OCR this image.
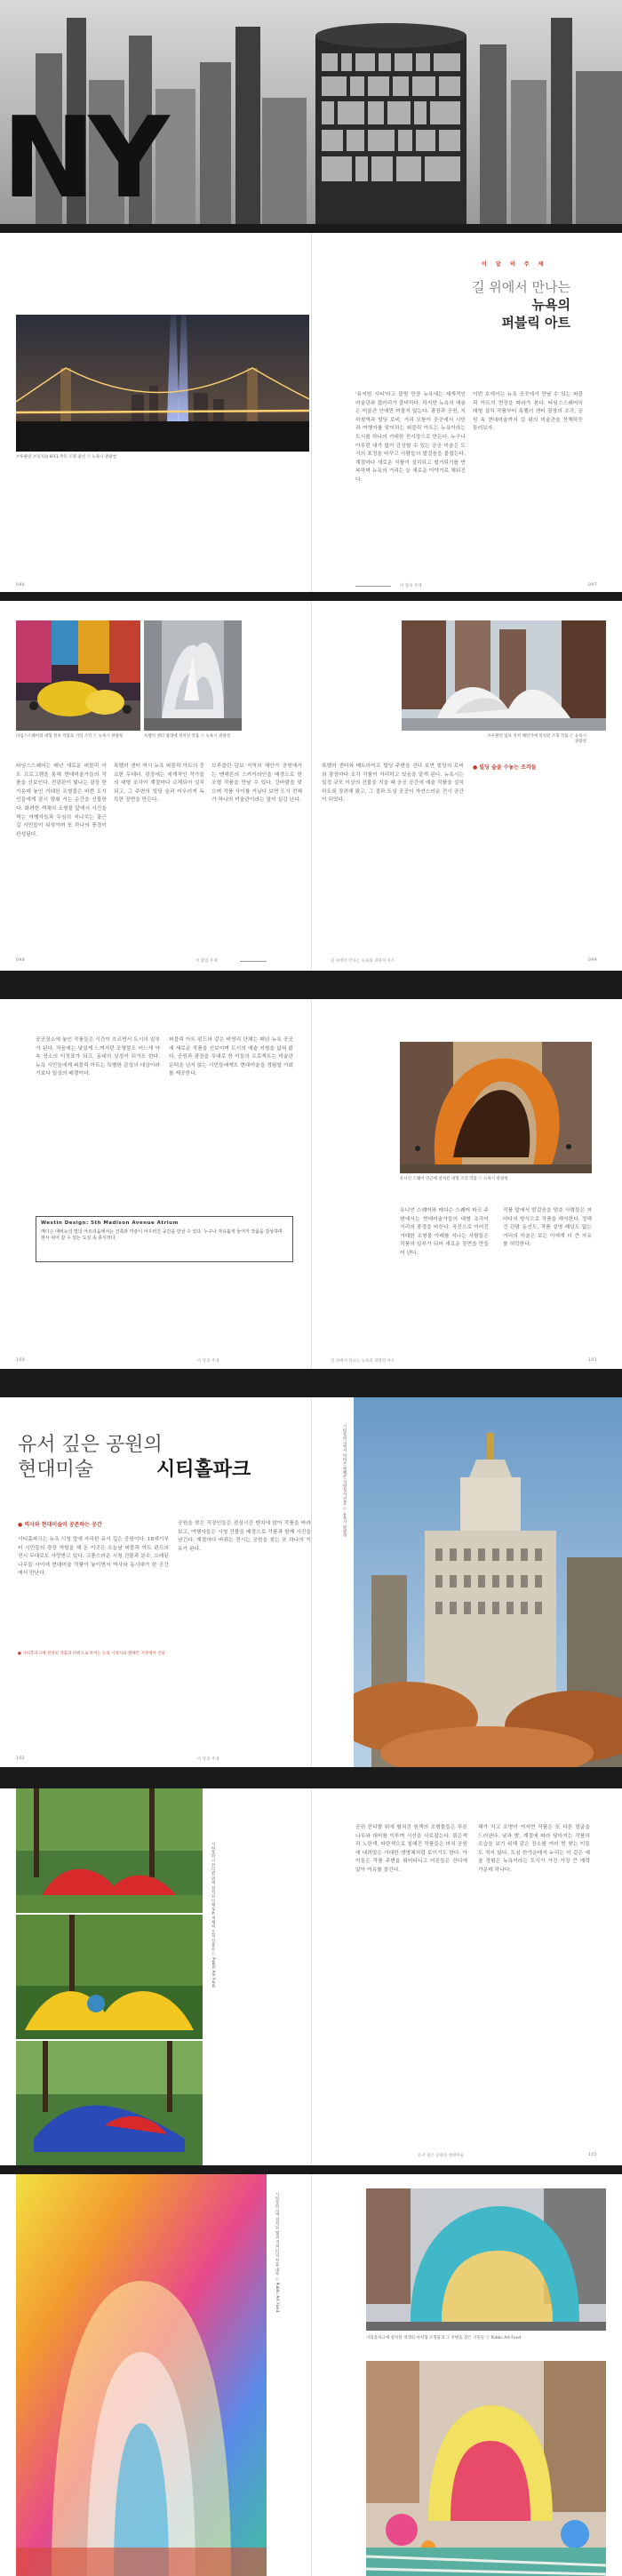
NY
브루클린 브리지와 9/11 추모 조명 광선 ⓒ 뉴욕시 관광청
이 달 의 주 제
길 위에서 만나는
뉴욕의
퍼블릭 아트
'뮤지엄 시티'라고 불릴 만큼 뉴욕에는 세계적인 미술관과 갤러리가 즐비하다. 하지만 뉴욕의 예술은 미술관 안에만 머물지 않는다. 광장과 공원, 지하철역과 빌딩 로비, 거리 모퉁이 곳곳에서 시민과 여행자를 맞이하는 퍼블릭 아트는 뉴욕이라는 도시를 하나의 거대한 전시장으로 만든다. 누구나 아무런 대가 없이 감상할 수 있는 공공 미술은 도시의 표정을 바꾸고 사람들의 발걸음을 붙잡는다. 계절마다 새로운 작품이 설치되고 철거되기를 반복하며 뉴욕의 거리는 늘 새로운 이야기로 채워진다.
이번 호에서는 뉴욕 곳곳에서 만날 수 있는 퍼블릭 아트의 현장을 따라가 본다. 타임스스퀘어의 대형 설치 작품부터 록펠러 센터 광장의 조각, 공원 속 현대미술까지 길 위의 미술관을 산책하듯 둘러보자.
096	이 달의 주제	097
타임스스퀘어의 대형 설치 작품과 거리 조각 ⓒ 뉴욕시 관광청	록펠러 센터 광장에 설치된 작품 ⓒ 뉴욕시 관광청	브루클린 덤보 지역 해안가에 설치된 조형 작품 ⓒ 뉴욕시 관광청
타임스스퀘어는 매년 새로운 퍼블릭 아트 프로그램을 통해 현대미술가들의 작품을 선보인다. 전광판이 빛나는 광장 한가운데 놓인 거대한 조형물은 바쁜 도시인들에게 잠시 멈춰 서는 순간을 선물한다. 화려한 색채의 조형물 앞에서 사진을 찍는 여행자들과 무심히 지나치는 출근길 시민들이 뒤섞이며 또 하나의 풍경이 완성된다.
록펠러 센터 역시 뉴욕 퍼블릭 아트의 중요한 무대다. 광장에는 세계적인 작가들의 대형 조각이 계절마다 교체되어 설치되고, 그 주변의 빌딩 숲과 어우러져 독특한 장면을 만든다.
브루클린 덤보 지역의 해안가 공원에서는 맨해튼의 스카이라인을 배경으로 한 조형 작품을 만날 수 있다. 강바람을 맞으며 작품 사이를 거닐다 보면 도시 전체가 하나의 미술관이라는 말이 실감 난다.
록펠러 센터와 메트라이프 빌딩 주변을 걷다 보면 빌딩의 로비와 광장마다 조각 작품이 자리하고 있음을 알게 된다. 뉴욕시는 일정 규모 이상의 건물을 지을 때 공공 공간에 예술 작품을 설치하도록 장려해 왔고, 그 결과 도심 곳곳이 자연스러운 전시 공간이 되었다.
● 빌딩 숲을 수놓는 조각들
098	이 달의 주제	길 위에서 만나는 뉴욕의 퍼블릭 아트	099
공공장소에 놓인 작품들은 시간이 흐르면서 도시의 일부가 된다. 처음에는 낯설게 느껴지던 조형물도 어느새 약속 장소의 이정표가 되고, 동네의 상징이 되기도 한다. 뉴욕 시민들에게 퍼블릭 아트는 특별한 감상의 대상이라기보다 일상의 배경이다.
퍼블릭 아트 펀드와 같은 비영리 단체는 매년 뉴욕 곳곳에 새로운 작품을 선보이며 도시의 예술 지형을 넓혀 왔다. 공원과 광장을 무대로 한 이들의 프로젝트는 미술관 문턱을 넘지 않는 시민들에게도 현대미술을 경험할 기회를 제공한다.
Westin Design: 5th Madison Avenue Atrium
매디슨 애비뉴의 빌딩 아트리움에서는 건축과 미술이 어우러진 공간을 만날 수 있다. 누구나 자유롭게 들어가 작품을 감상하며 잠시 쉬어 갈 수 있는 도심 속 휴식처다.
유니언 스퀘어 인근에 설치된 대형 조각 작품 ⓒ 뉴욕시 관광청
유니언 스퀘어와 매디슨 스퀘어 파크 주변에서는 현대미술가들의 대형 조각이 거리의 풍경을 바꾼다. 곡선으로 이어진 거대한 조형물 아래를 지나는 사람들은 작품의 일부가 되어 새로운 장면을 만들어 낸다.
작품 앞에서 발걸음을 멈춘 사람들은 저마다의 방식으로 작품을 해석한다. 정해진 관람 동선도, 작품 설명 패널도 없는 거리의 미술은 보는 이에게 더 큰 자유를 허락한다.
100	이 달의 주제	길 위에서 만나는 뉴욕의 퍼블릭 아트	101
유서 깊은 공원의
현대미술	시티홀파크
● 역사와 현대미술이 공존하는 공간
시티홀파크는 뉴욕 시청 앞에 자리한 유서 깊은 공원이다. 18세기부터 시민들의 광장 역할을 해 온 이곳은 오늘날 퍼블릭 아트 펀드의 전시 무대로도 사랑받고 있다. 고풍스러운 시청 건물과 분수, 오래된 나무들 사이에 현대미술 작품이 놓이면서 역사와 동시대가 한 공간에서 만난다.
공원을 찾은 직장인들은 점심시간 벤치에 앉아 작품을 바라보고, 여행자들은 시청 건물을 배경으로 작품과 함께 사진을 남긴다. 계절마다 바뀌는 전시는 공원을 찾는 또 하나의 이유가 된다.
● 시티홀파크에 설치된 작품과 뒤편으로 보이는 뉴욕 시청사와 맨해튼 지방청사 건물
시티홀파크에서 바라본 맨해튼 지방청사 건물 ⓒ 뉴욕시 관광청
102	이 달의 주제
시티홀파크 잔디밭 위에 설치된 다채로운 색채의 조형 작품들 ⓒ Public Art Fund
공원 잔디밭 위에 펼쳐진 원색의 조형물들은 푸른 나무와 대비를 이루며 시선을 사로잡는다. 붉은색과 노란색, 파란색으로 칠해진 작품들은 마치 공원에 내려앉은 거대한 생명체처럼 보이기도 한다. 아이들은 작품 주변을 뛰어다니고 어른들은 잔디에 앉아 여유를 즐긴다.
해가 지고 조명이 켜지면 작품은 또 다른 얼굴을 드러낸다. 낮과 밤, 계절에 따라 달라지는 작품의 모습을 보기 위해 같은 장소를 여러 번 찾는 이들도 적지 않다. 도심 한가운데서 누리는 이 같은 예술 경험은 뉴욕이라는 도시가 가진 가장 큰 매력 가운데 하나다.
유서 깊은 공원의 현대미술	105
시티홀파크에 설치된 빛과 색의 터널 작품 내부 ⓒ Public Art Fund
시티홀파크에 설치된 색색의 아치형 조형물과 그 주변을 찾은 시민들 ⓒ Public Art Fund
